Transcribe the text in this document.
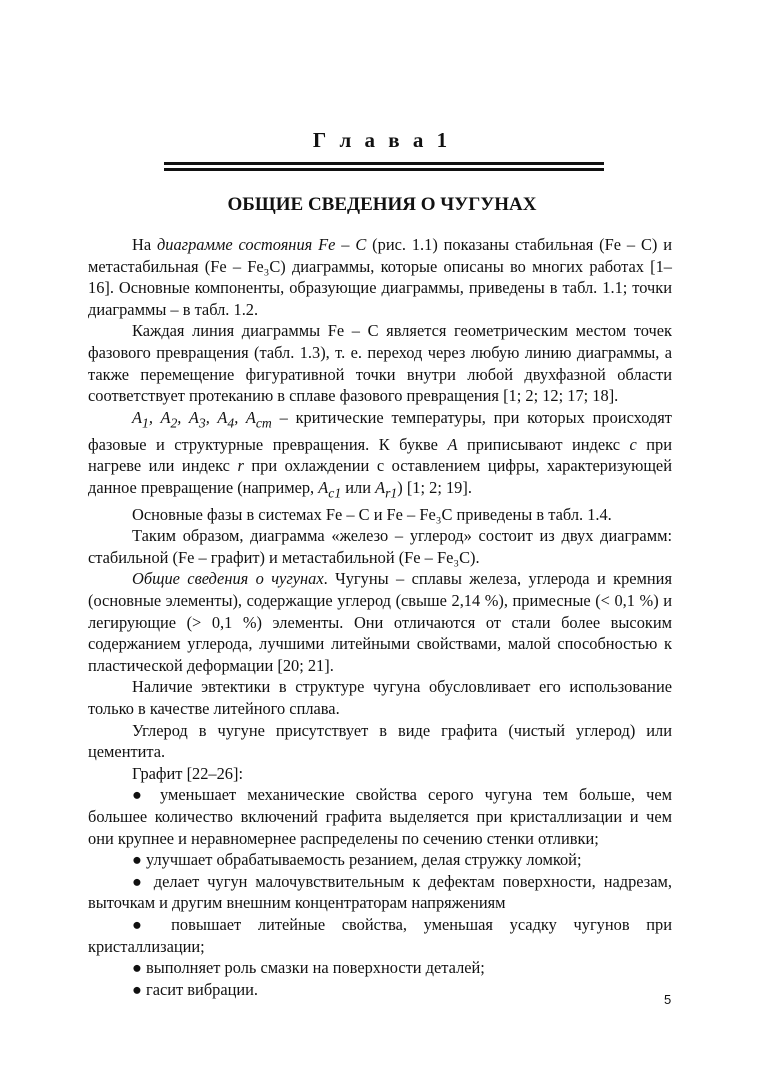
Г л а в а 1
ОБЩИЕ СВЕДЕНИЯ О ЧУГУНАХ

На диаграмме состояния Fe – C (рис. 1.1) показаны стабильная (Fe – C) и метастабильная (Fe – Fe₃C) диаграммы, которые описаны во многих работах [1–16]. Основные компоненты, образующие диаграммы, приведены в табл. 1.1; точки диаграммы – в табл. 1.2.

Каждая линия диаграммы Fe – C является геометрическим местом точек фазового превращения (табл. 1.3), т. е. переход через любую линию диаграммы, а также перемещение фигуративной точки внутри любой двухфазной области соответствует протеканию в сплаве фазового превращения [1; 2; 12; 17; 18].

$A_1$, $A_2$, $A_3$, $A_4$, $A_{сm}$ – критические температуры, при которых происходят фазовые и структурные превращения. К букве A приписывают индекс c при нагреве или индекс r при охлаждении с оставлением цифры, характеризующей данное превращение (например, $A_{c1}$ или $A_{r1}$) [1; 2; 19].

Основные фазы в системах Fe – C и Fe – Fe₃C приведены в табл. 1.4.

Таким образом, диаграмма «железо – углерод» состоит из двух диаграмм: стабильной (Fe – графит) и метастабильной (Fe – Fe₃C).

Общие сведения о чугунах. Чугуны – сплавы железа, углерода и кремния (основные элементы), содержащие углерод (свыше 2,14 %), примесные (< 0,1 %) и легирующие (> 0,1 %) элементы. Они отличаются от стали более высоким содержанием углерода, лучшими литейными свойствами, малой способностью к пластической деформации [20; 21].

Наличие эвтектики в структуре чугуна обусловливает его использование только в качестве литейного сплава.

Углерод в чугуне присутствует в виде графита (чистый углерод) или цементита.

Графит [22–26]:

● уменьшает механические свойства серого чугуна тем больше, чем большее количество включений графита выделяется при кристаллизации и чем они крупнее и неравномернее распределены по сечению стенки отливки;

● улучшает обрабатываемость резанием, делая стружку ломкой;

● делает чугун малочувствительным к дефектам поверхности, надрезам, выточкам и другим внешним концентраторам напряжениям

● повышает литейные свойства, уменьшая усадку чугунов при кристаллизации;

● выполняет роль смазки на поверхности деталей;

● гасит вибрации.

5
